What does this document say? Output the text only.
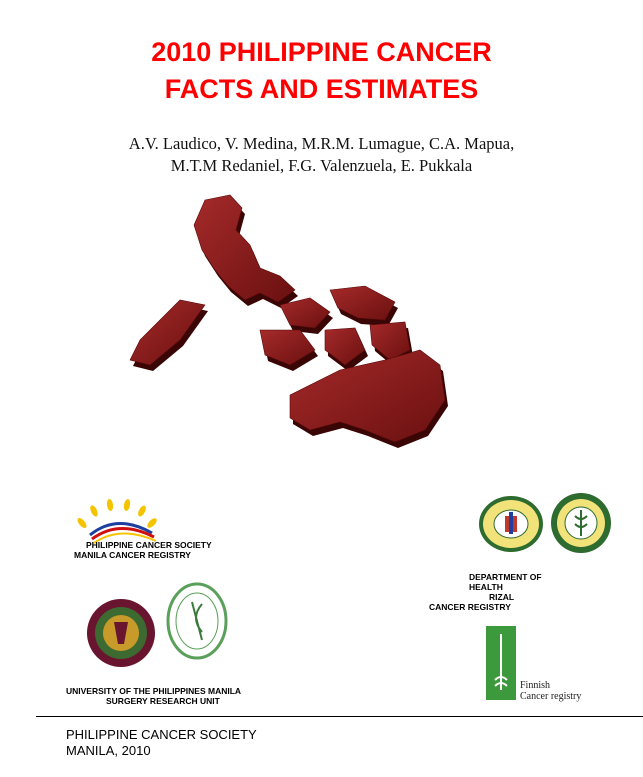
2010 PHILIPPINE CANCER
FACTS AND ESTIMATES
A.V. Laudico, V. Medina, M.R.M. Lumague, C.A. Mapua,
M.T.M Redaniel, F.G. Valenzuela, E. Pukkala
PHILIPPINE CANCER SOCIETY
MANILA CANCER REGISTRY
DEPARTMENT OF
HEALTH
RIZAL
CANCER REGISTRY
UNIVERSITY OF THE PHILIPPINES MANILA
SURGERY RESEARCH UNIT
Finnish
Cancer registry
PHILIPPINE CANCER SOCIETY
MANILA, 2010
